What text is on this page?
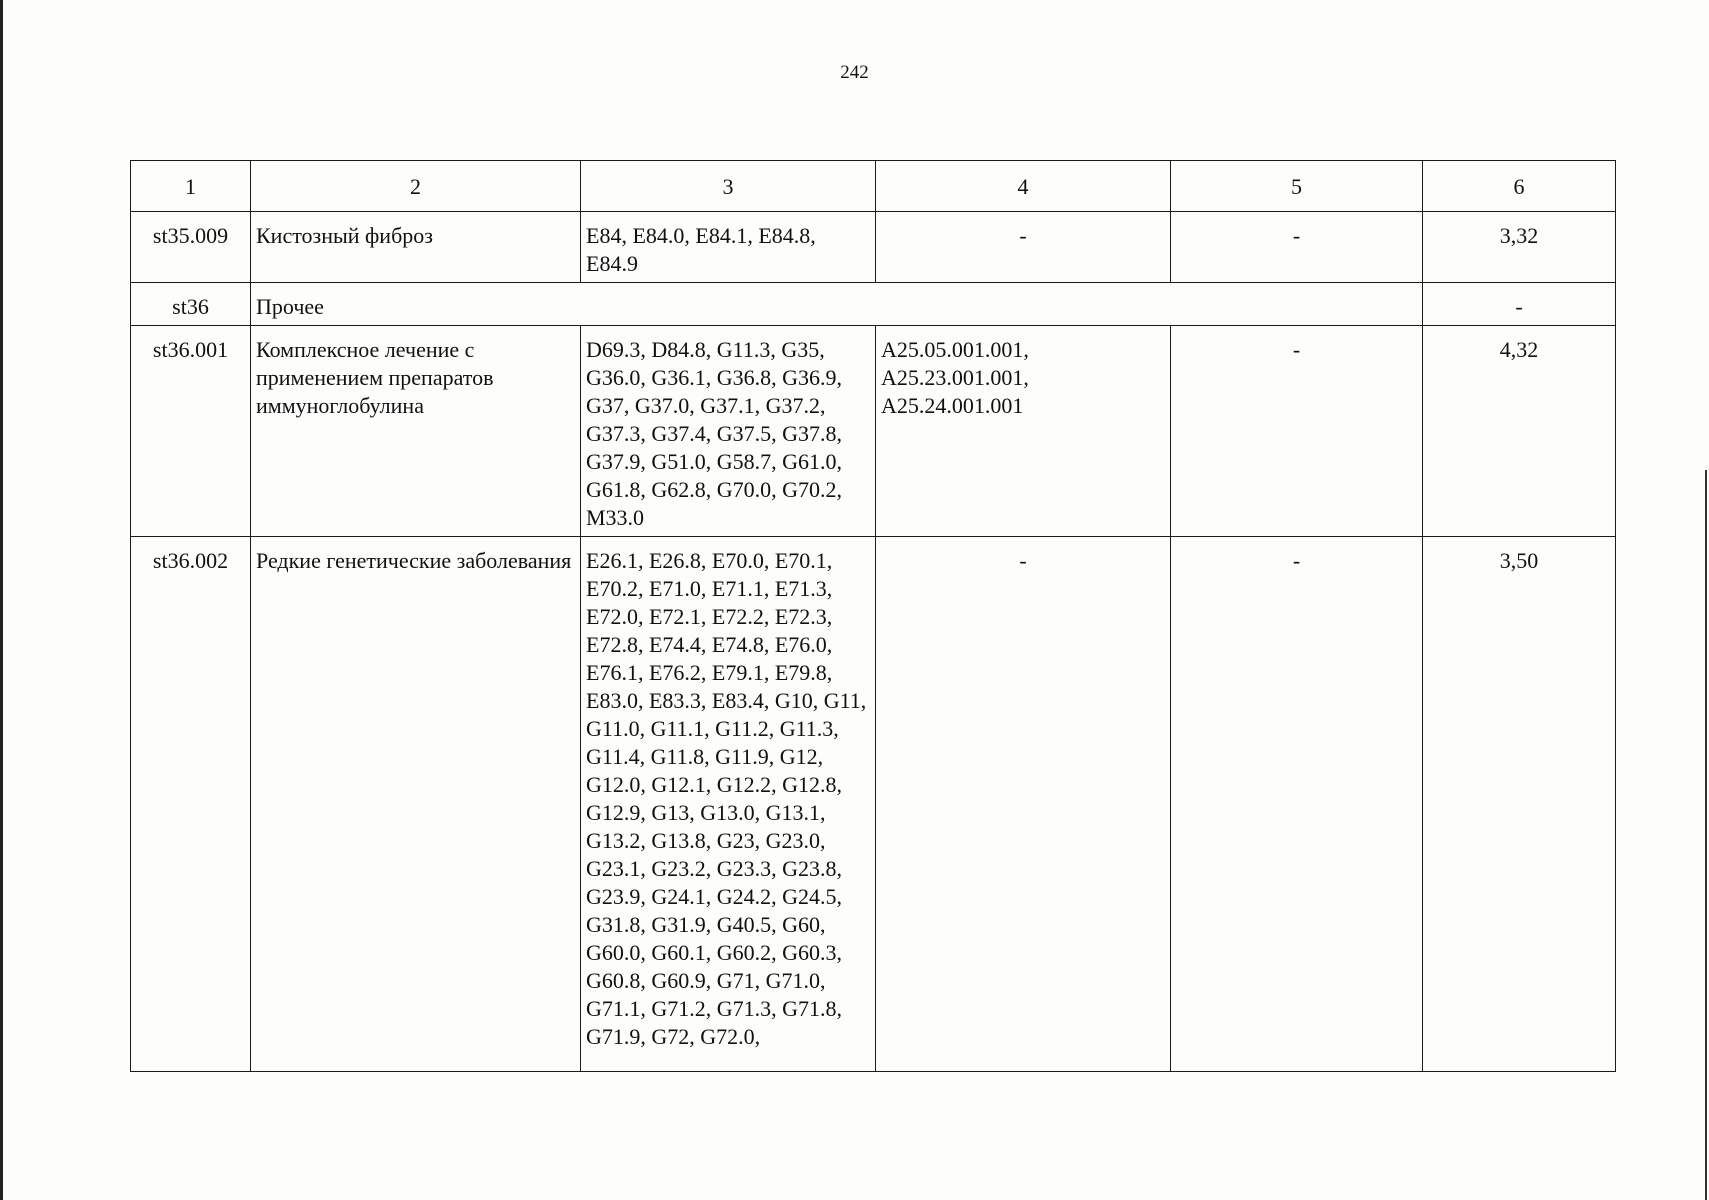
242
1	2	3	4	5	6
st35.009	Кистозный фиброз	E84, E84.0, E84.1, E84.8, E84.9	-	-	3,32
st36	Прочее				-
st36.001	Комплексное лечение с применением препаратов иммуноглобулина	D69.3, D84.8, G11.3, G35, G36.0, G36.1, G36.8, G36.9, G37, G37.0, G37.1, G37.2, G37.3, G37.4, G37.5, G37.8, G37.9, G51.0, G58.7, G61.0, G61.8, G62.8, G70.0, G70.2, M33.0	A25.05.001.001, A25.23.001.001, A25.24.001.001	-	4,32
st36.002	Редкие генетические заболевания	E26.1, E26.8, E70.0, E70.1, E70.2, E71.0, E71.1, E71.3, E72.0, E72.1, E72.2, E72.3, E72.8, E74.4, E74.8, E76.0, E76.1, E76.2, E79.1, E79.8, E83.0, E83.3, E83.4, G10, G11, G11.0, G11.1, G11.2, G11.3, G11.4, G11.8, G11.9, G12, G12.0, G12.1, G12.2, G12.8, G12.9, G13, G13.0, G13.1, G13.2, G13.8, G23, G23.0, G23.1, G23.2, G23.3, G23.8, G23.9, G24.1, G24.2, G24.5, G31.8, G31.9, G40.5, G60, G60.0, G60.1, G60.2, G60.3, G60.8, G60.9, G71, G71.0, G71.1, G71.2, G71.3, G71.8, G71.9, G72, G72.0,	-	-	3,50
